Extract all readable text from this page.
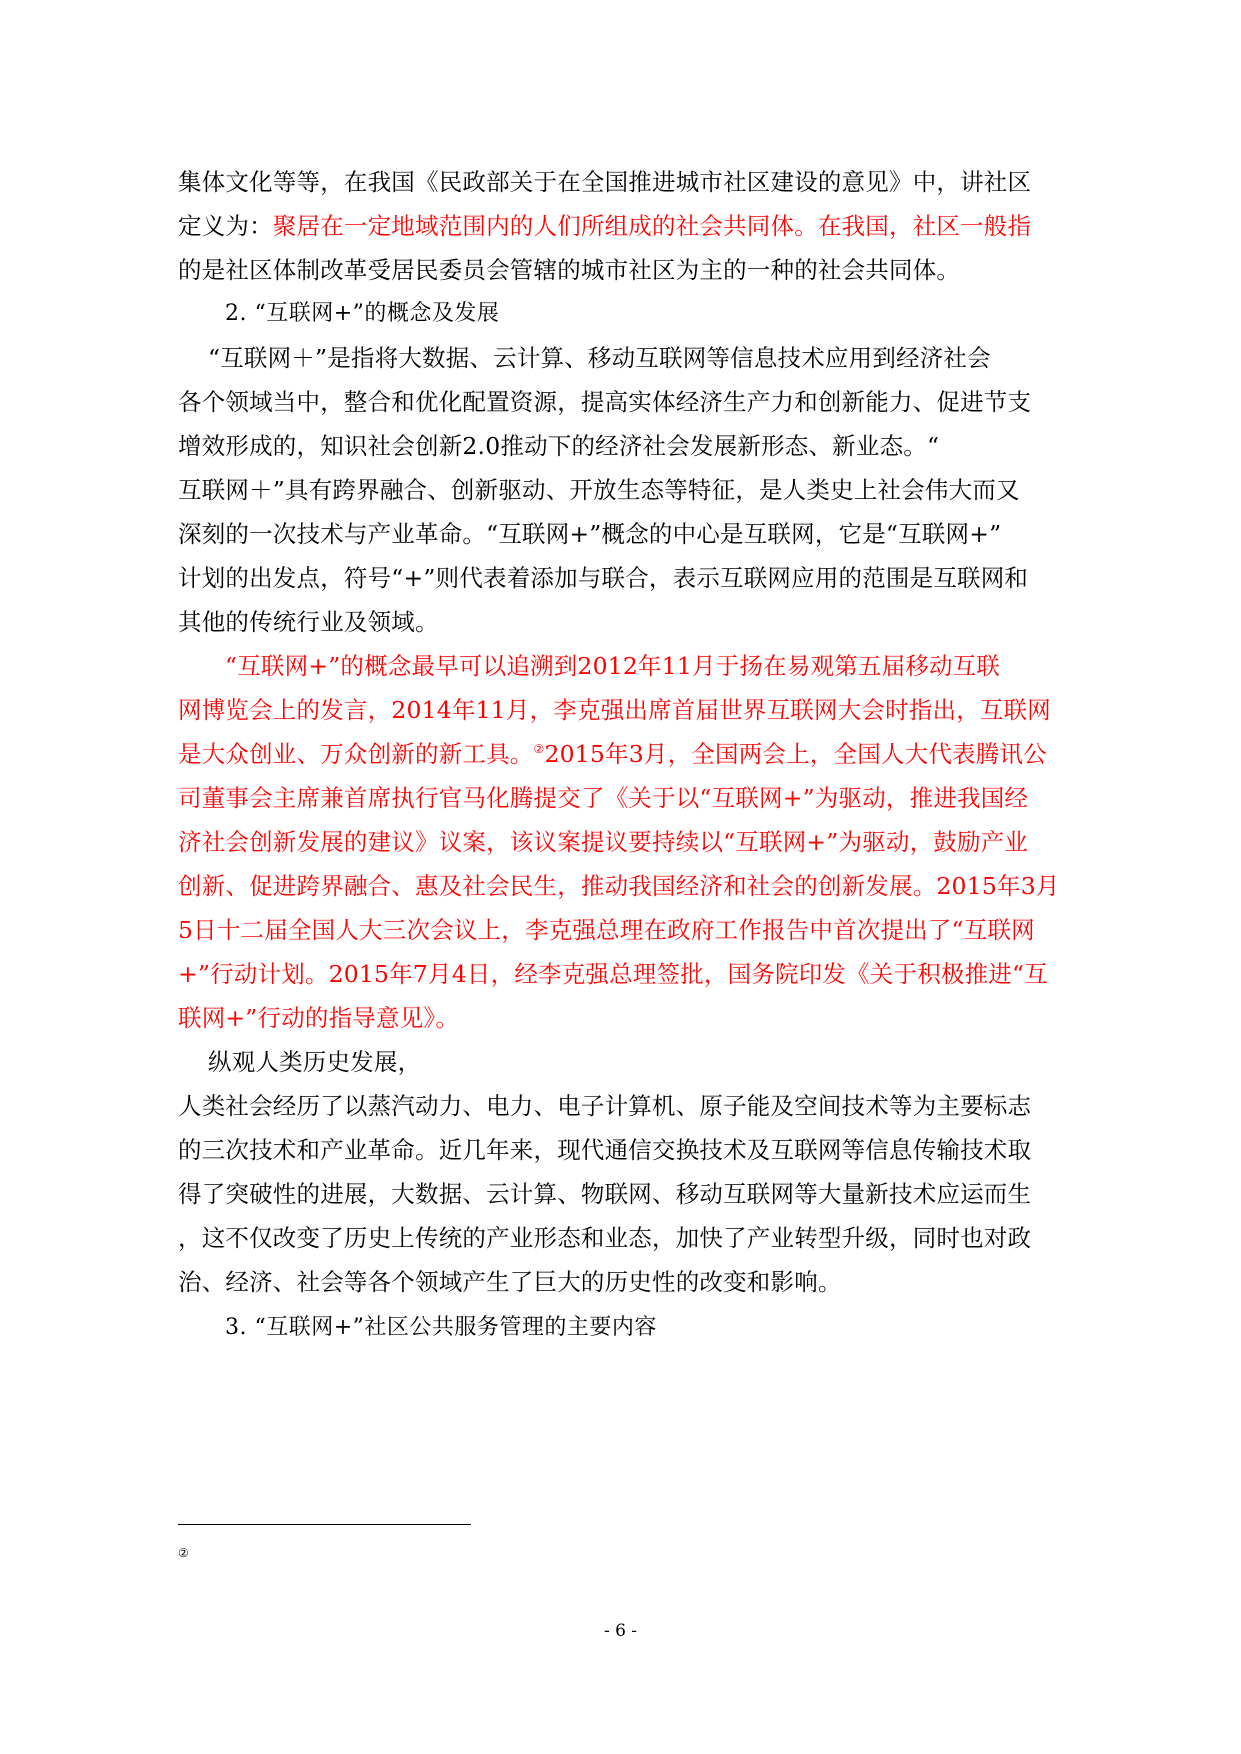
集体文化等等，在我国《民政部关于在全国推进城市社区建设的意见》中，讲社区
定义为：聚居在一定地域范围内的人们所组成的社会共同体。在我国，社区一般指
的是社区体制改革受居民委员会管辖的城市社区为主的一种的社会共同体。
2. “互联网+”的概念及发展
“互联网＋”是指将大数据、云计算、移动互联网等信息技术应用到经济社会
各个领域当中，整合和优化配置资源，提高实体经济生产力和创新能力、促进节支
增效形成的，知识社会创新2.0推动下的经济社会发展新形态、新业态。“
互联网＋”具有跨界融合、创新驱动、开放生态等特征，是人类史上社会伟大而又
深刻的一次技术与产业革命。“互联网+”概念的中心是互联网，它是“互联网+”
计划的出发点，符号“+”则代表着添加与联合，表示互联网应用的范围是互联网和
其他的传统行业及领域。
“互联网+”的概念最早可以追溯到2012年11月于扬在易观第五届移动互联
网博览会上的发言，2014年11月，李克强出席首届世界互联网大会时指出，互联网
是大众创业、万众创新的新工具。②2015年3月，全国两会上，全国人大代表腾讯公
司董事会主席兼首席执行官马化腾提交了《关于以“互联网+”为驱动，推进我国经
济社会创新发展的建议》议案，该议案提议要持续以“互联网+”为驱动，鼓励产业
创新、促进跨界融合、惠及社会民生，推动我国经济和社会的创新发展。2015年3月
5日十二届全国人大三次会议上，李克强总理在政府工作报告中首次提出了“互联网
+”行动计划。2015年7月4日，经李克强总理签批，国务院印发《关于积极推进“互
联网+”行动的指导意见》。
纵观人类历史发展，
人类社会经历了以蒸汽动力、电力、电子计算机、原子能及空间技术等为主要标志
的三次技术和产业革命。近几年来，现代通信交换技术及互联网等信息传输技术取
得了突破性的进展，大数据、云计算、物联网、移动互联网等大量新技术应运而生
，这不仅改变了历史上传统的产业形态和业态，加快了产业转型升级，同时也对政
治、经济、社会等各个领域产生了巨大的历史性的改变和影响。
3. “互联网+”社区公共服务管理的主要内容
②
- 6 -
